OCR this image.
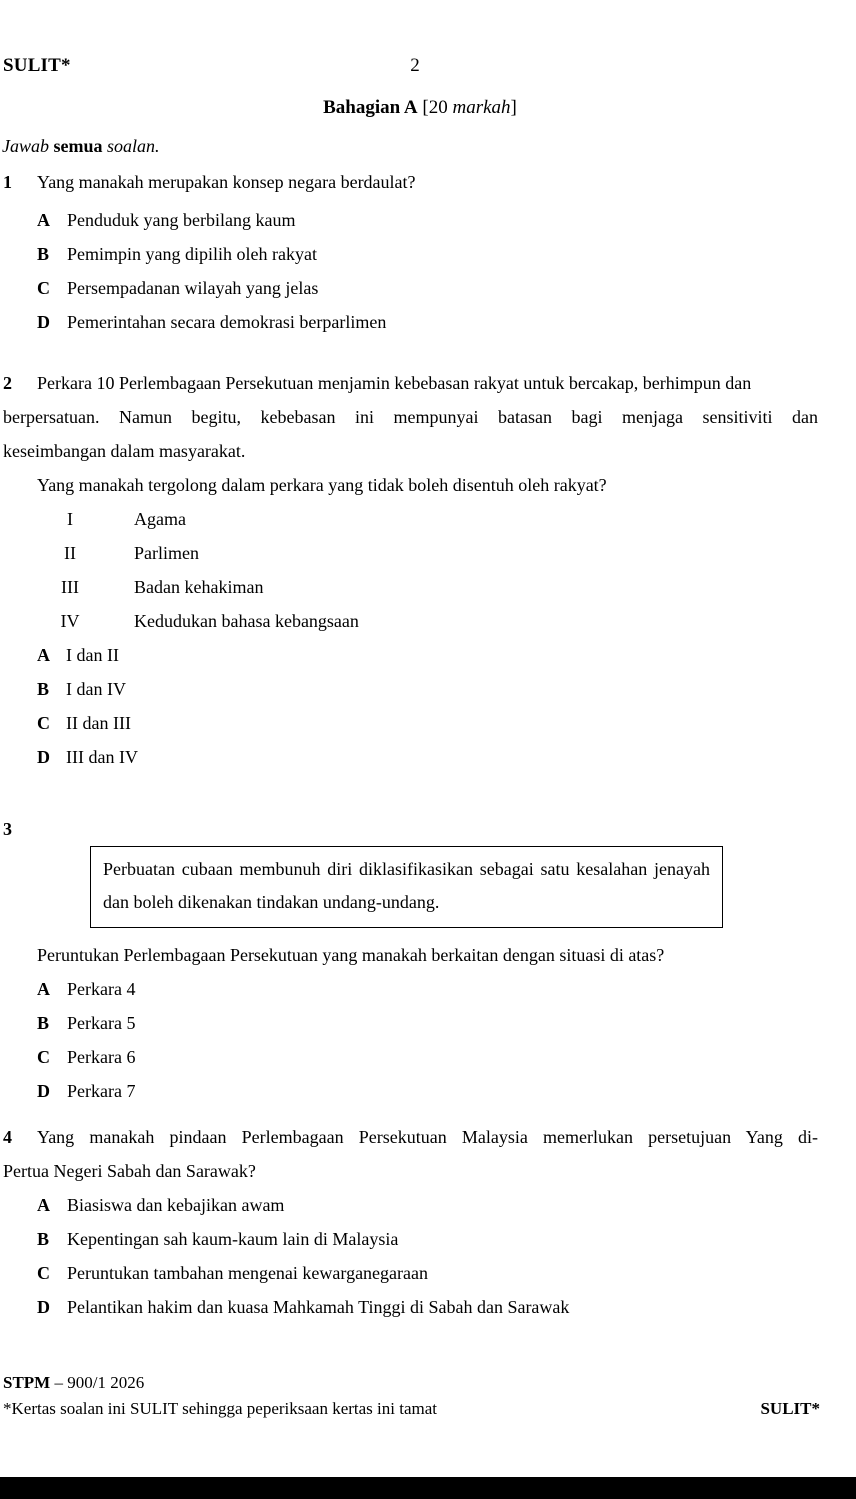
SULIT*	2
Bahagian A [20 markah]
Jawab semua soalan.
1 Yang manakah merupakan konsep negara berdaulat?
A Penduduk yang berbilang kaum
B Pemimpin yang dipilih oleh rakyat
C Persempadanan wilayah yang jelas
D Pemerintahan secara demokrasi berparlimen
2 Perkara 10 Perlembagaan Persekutuan menjamin kebebasan rakyat untuk bercakap, berhimpun dan
berpersatuan. Namun begitu, kebebasan ini mempunyai batasan bagi menjaga sensitiviti dan
keseimbangan dalam masyarakat.
Yang manakah tergolong dalam perkara yang tidak boleh disentuh oleh rakyat?
I	Agama
II	Parlimen
III	Badan kehakiman
IV	Kedudukan bahasa kebangsaan
A I dan II
B I dan IV
C II dan III
D III dan IV
3
Perbuatan cubaan membunuh diri diklasifikasikan sebagai satu kesalahan jenayah dan boleh dikenakan tindakan undang-undang.
Peruntukan Perlembagaan Persekutuan yang manakah berkaitan dengan situasi di atas?
A Perkara 4
B Perkara 5
C Perkara 6
D Perkara 7
4 Yang manakah pindaan Perlembagaan Persekutuan Malaysia memerlukan persetujuan Yang di-
Pertua Negeri Sabah dan Sarawak?
A Biasiswa dan kebajikan awam
B Kepentingan sah kaum-kaum lain di Malaysia
C Peruntukan tambahan mengenai kewarganegaraan
D Pelantikan hakim dan kuasa Mahkamah Tinggi di Sabah dan Sarawak
STPM – 900/1 2026
*Kertas soalan ini SULIT sehingga peperiksaan kertas ini tamat	SULIT*
